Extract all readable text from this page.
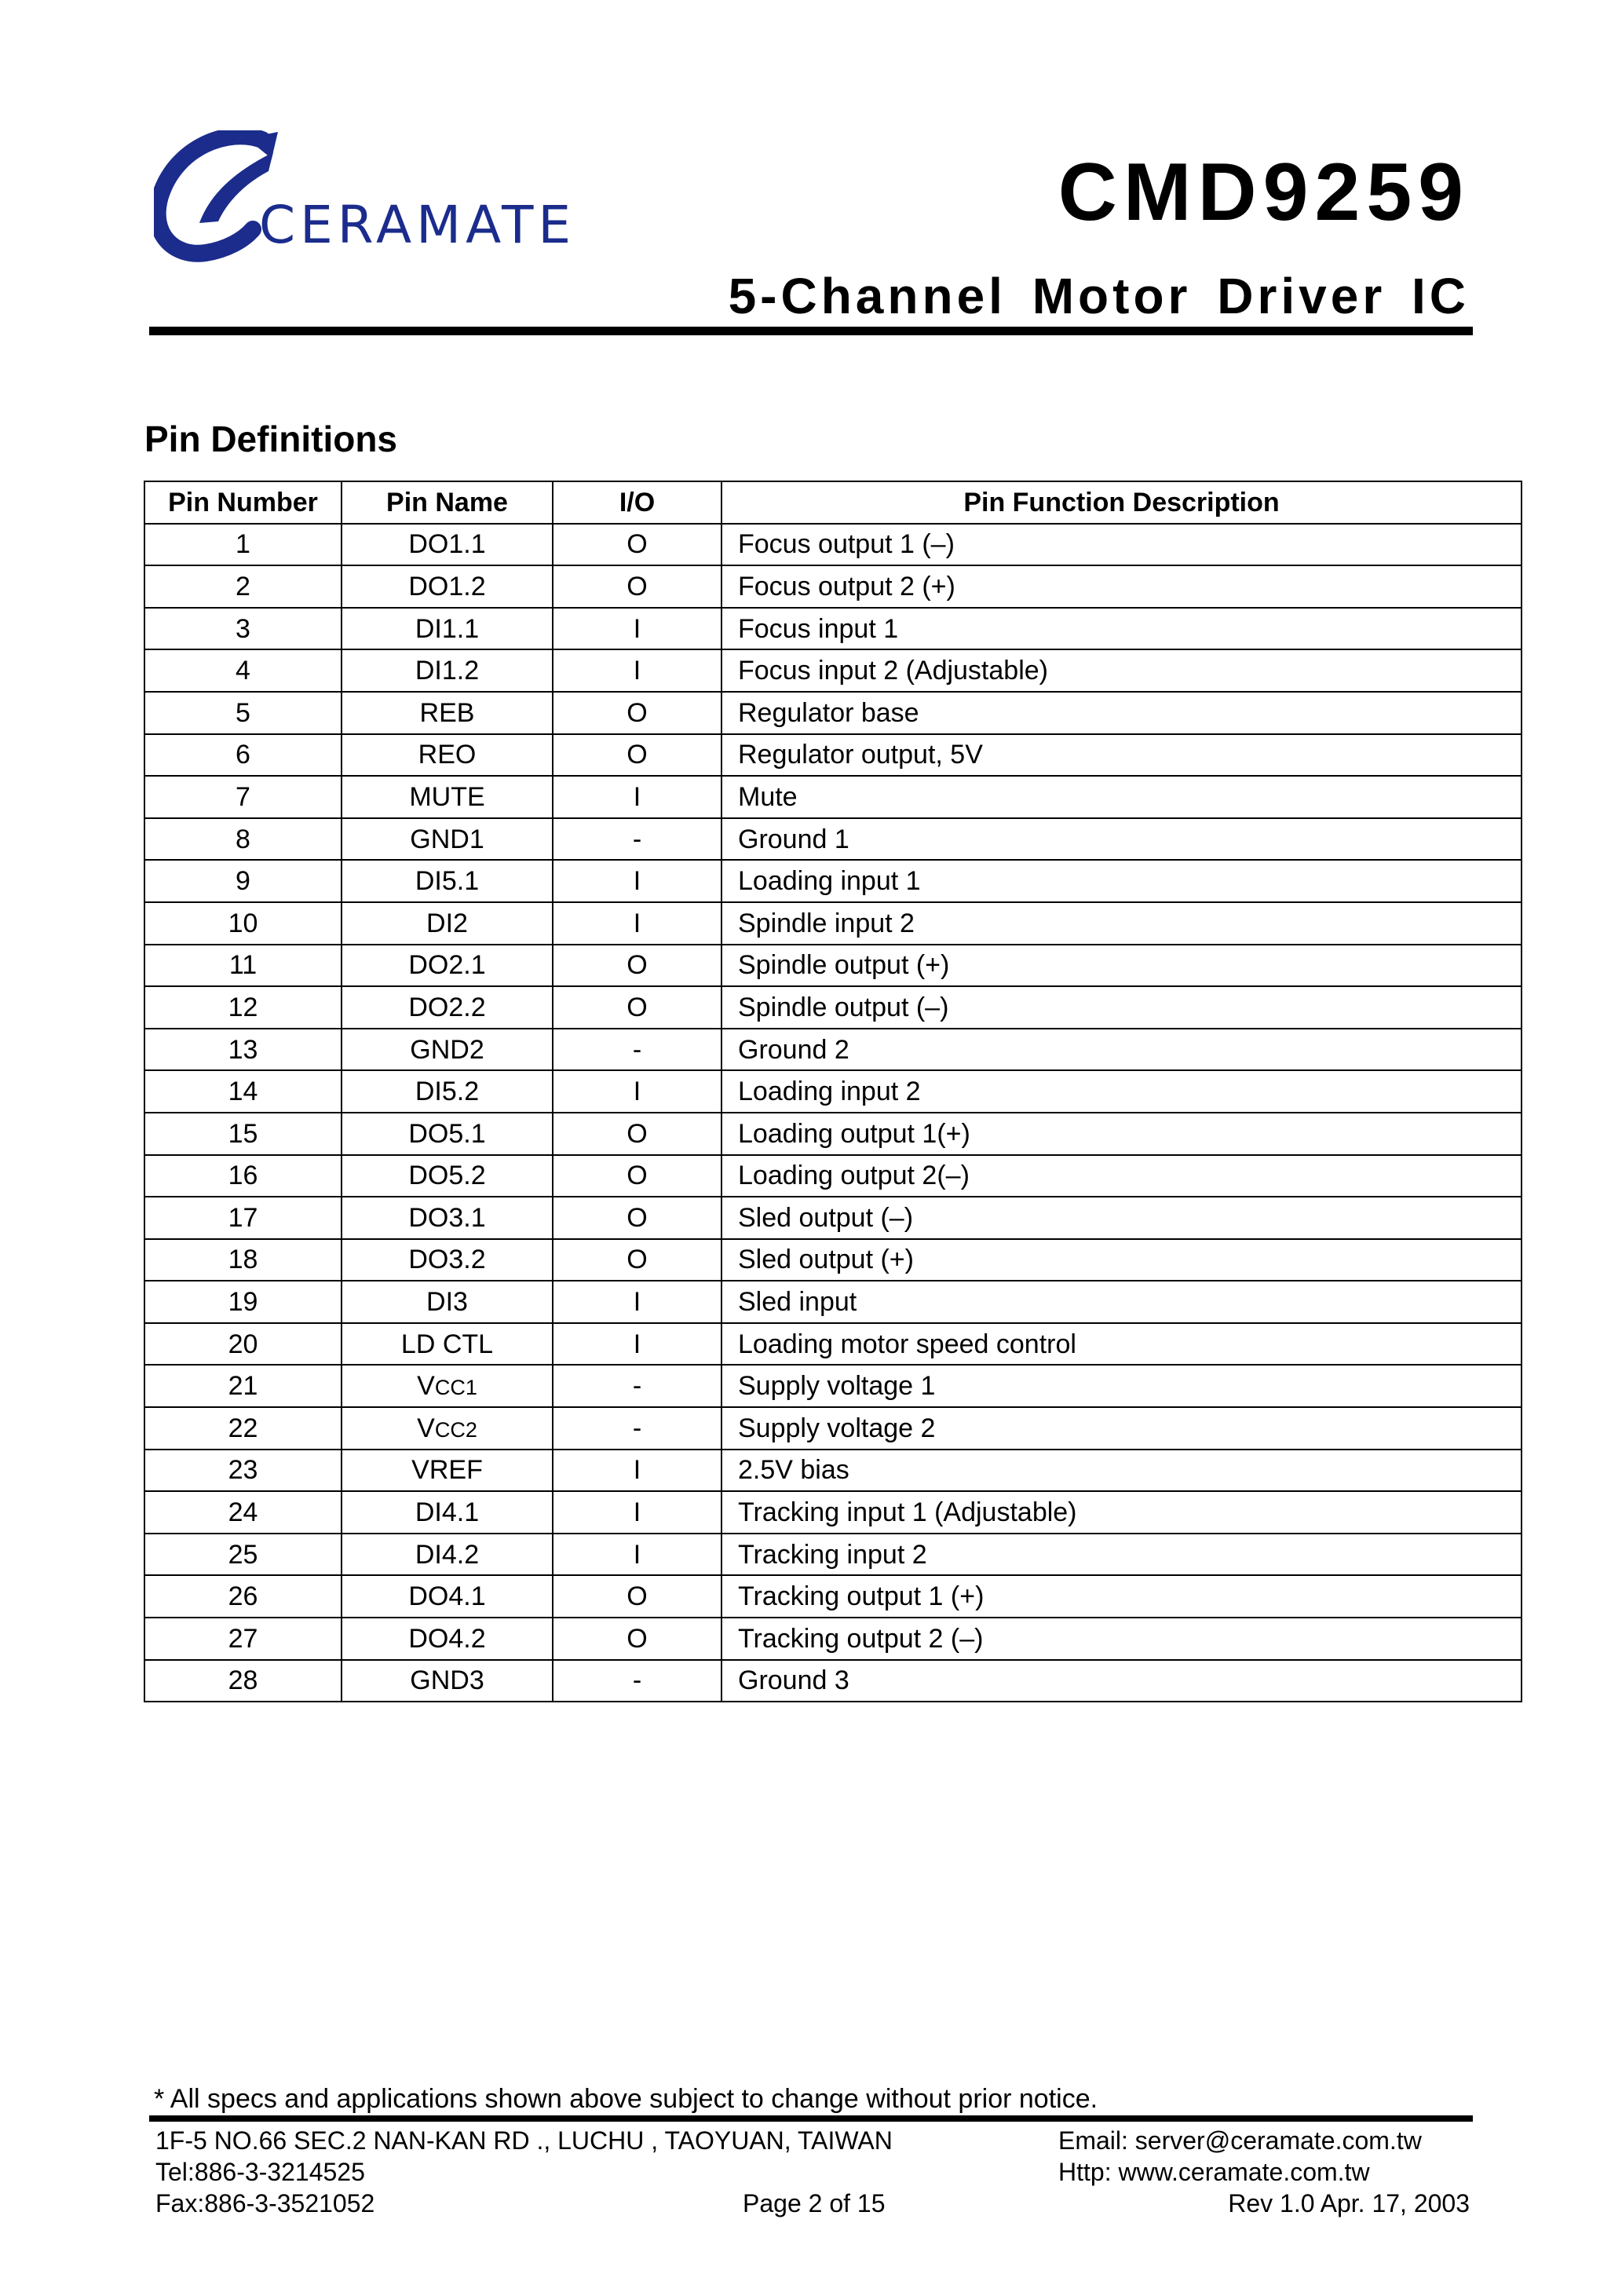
CERAMATE	CMD9259
5-Channel Motor Driver IC
Pin Definitions
Pin Number	Pin Name	I/O	Pin Function Description
1	DO1.1	O	Focus output 1 (–)
2	DO1.2	O	Focus output 2 (+)
3	DI1.1	I	Focus input 1
4	DI1.2	I	Focus input 2 (Adjustable)
5	REB	O	Regulator base
6	REO	O	Regulator output, 5V
7	MUTE	I	Mute
8	GND1	-	Ground 1
9	DI5.1	I	Loading input 1
10	DI2	I	Spindle input 2
11	DO2.1	O	Spindle output (+)
12	DO2.2	O	Spindle output (–)
13	GND2	-	Ground 2
14	DI5.2	I	Loading input 2
15	DO5.1	O	Loading output 1(+)
16	DO5.2	O	Loading output 2(–)
17	DO3.1	O	Sled output (–)
18	DO3.2	O	Sled output (+)
19	DI3	I	Sled input
20	LD CTL	I	Loading motor speed control
21	VCC1	-	Supply voltage 1
22	VCC2	-	Supply voltage 2
23	VREF	I	2.5V bias
24	DI4.1	I	Tracking input 1 (Adjustable)
25	DI4.2	I	Tracking input 2
26	DO4.1	O	Tracking output 1 (+)
27	DO4.2	O	Tracking output 2 (–)
28	GND3	-	Ground 3
* All specs and applications shown above subject to change without prior notice.
1F-5 NO.66 SEC.2 NAN-KAN RD ., LUCHU , TAOYUAN, TAIWAN
Tel:886-3-3214525
Fax:886-3-3521052
Email: server@ceramate.com.tw
Http: www.ceramate.com.tw
Page 2 of 15	Rev 1.0 Apr. 17, 2003
